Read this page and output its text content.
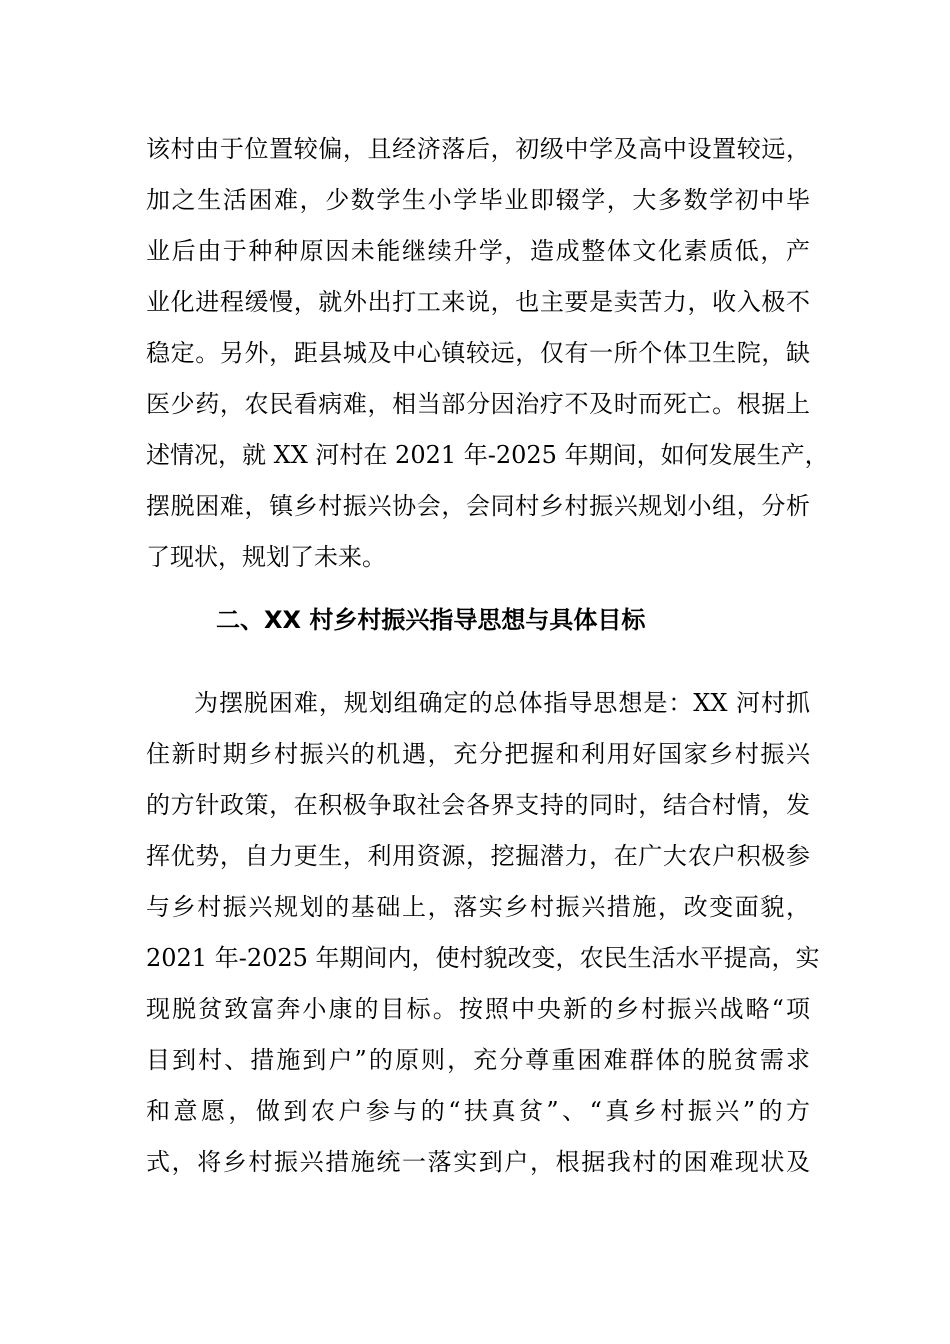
该村由于位置较偏，且经济落后，初级中学及高中设置较远，
加之生活困难，少数学生小学毕业即辍学，大多数学初中毕
业后由于种种原因未能继续升学，造成整体文化素质低，产
业化进程缓慢，就外出打工来说，也主要是卖苦力，收入极不
稳定。另外，距县城及中心镇较远，仅有一所个体卫生院，缺
医少药，农民看病难，相当部分因治疗不及时而死亡。根据上
述情况，就 XX 河村在 2021 年-2025 年期间，如何发展生产，
摆脱困难，镇乡村振兴协会，会同村乡村振兴规划小组，分析
了现状，规划了未来。
二、XX 村乡村振兴指导思想与具体目标
为摆脱困难，规划组确定的总体指导思想是：XX 河村抓
住新时期乡村振兴的机遇，充分把握和利用好国家乡村振兴
的方针政策，在积极争取社会各界支持的同时，结合村情，发
挥优势，自力更生，利用资源，挖掘潜力，在广大农户积极参
与乡村振兴规划的基础上，落实乡村振兴措施，改变面貌，
2021 年-2025 年期间内，使村貌改变，农民生活水平提高，实
现脱贫致富奔小康的目标。按照中央新的乡村振兴战略“项
目到村、措施到户”的原则，充分尊重困难群体的脱贫需求
和意愿，做到农户参与的“扶真贫”、“真乡村振兴”的方
式，将乡村振兴措施统一落实到户，根据我村的困难现状及
